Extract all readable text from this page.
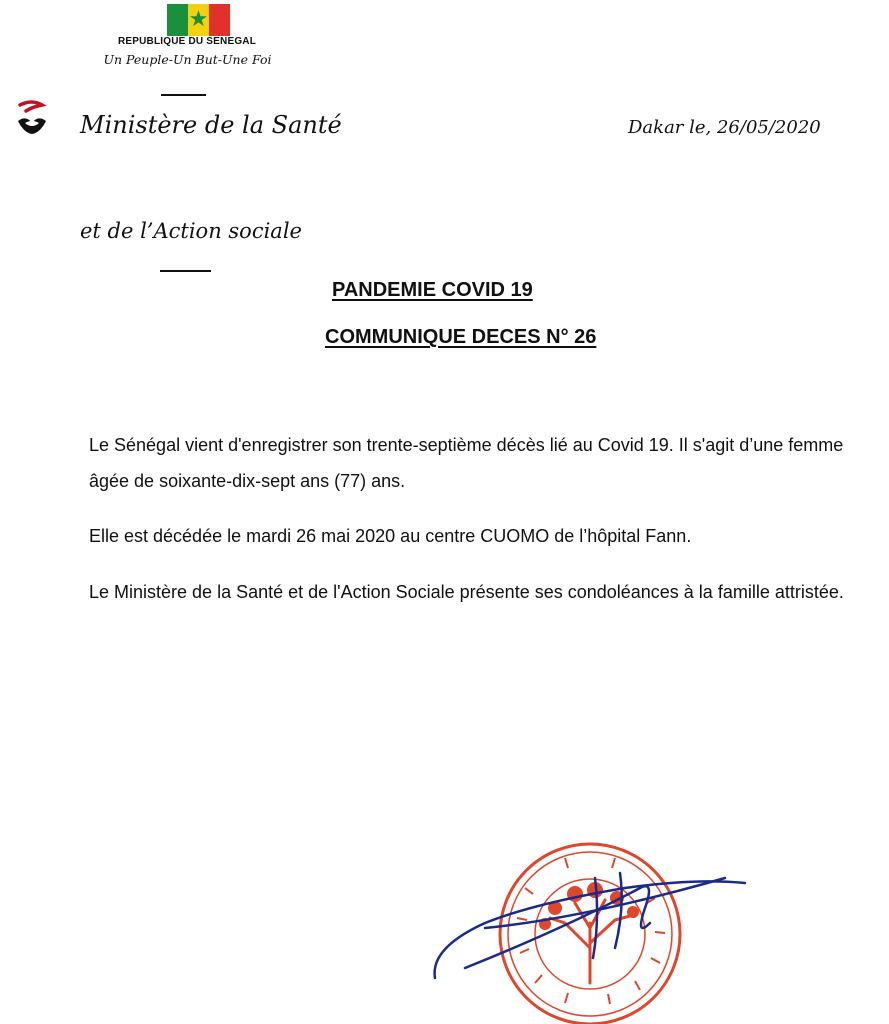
★
REPUBLIQUE DU SENEGAL
Un Peuple-Un But-Une Foi
Ministère de la Santé	Dakar le, 26/05/2020
et de l’Action sociale
PANDEMIE COVID 19
COMMUNIQUE DECES N° 26
Le Sénégal vient d'enregistrer son trente-septième décès lié au Covid 19. Il s'agit d’une femme âgée de soixante-dix-sept ans (77) ans.
Elle est décédée le mardi 26 mai 2020 au centre CUOMO de l’hôpital Fann.
Le Ministère de la Santé et de l'Action Sociale présente ses condoléances à la famille attristée.
